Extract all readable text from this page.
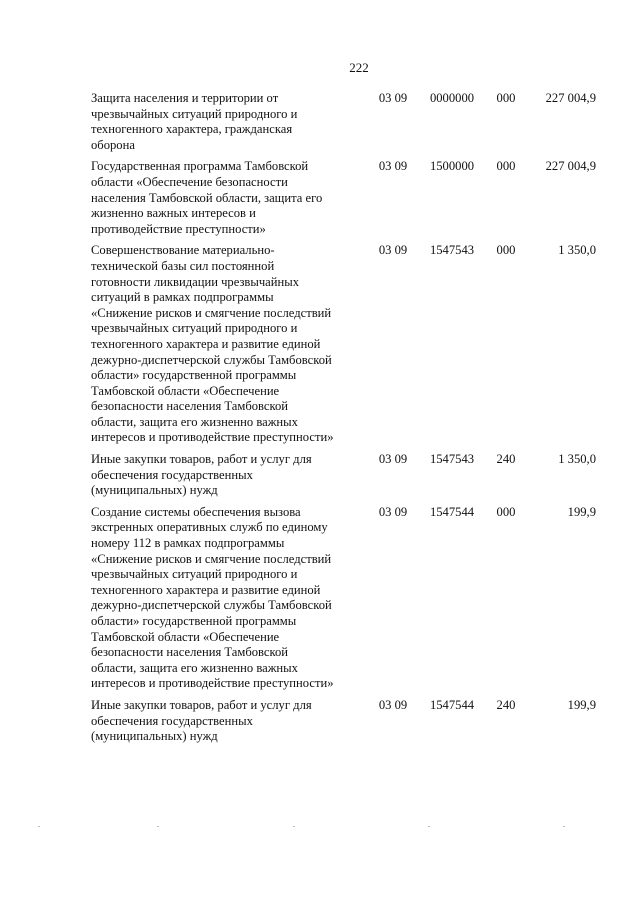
222
Защита населения и территории от
чрезвычайных ситуаций природного и
техногенного характера, гражданская
оборона
03 09	0000000	000	227 004,9
Государственная программа Тамбовской
области «Обеспечение безопасности
населения Тамбовской области, защита его
жизненно важных интересов и
противодействие преступности»
03 09	1500000	000	227 004,9
Совершенствование материально-
технической базы сил постоянной
готовности ликвидации чрезвычайных
ситуаций в рамках подпрограммы
«Снижение рисков и смягчение последствий
чрезвычайных ситуаций природного и
техногенного характера и развитие единой
дежурно-диспетчерской службы Тамбовской
области» государственной программы
Тамбовской области «Обеспечение
безопасности населения Тамбовской
области, защита его жизненно важных
интересов и противодействие преступности»
03 09	1547543	000	1 350,0
Иные закупки товаров, работ и услуг для
обеспечения государственных
(муниципальных) нужд
03 09	1547543	240	1 350,0
Создание системы обеспечения вызова
экстренных оперативных служб по единому
номеру 112 в рамках подпрограммы
«Снижение рисков и смягчение последствий
чрезвычайных ситуаций природного и
техногенного характера и развитие единой
дежурно-диспетчерской службы Тамбовской
области» государственной программы
Тамбовской области «Обеспечение
безопасности населения Тамбовской
области, защита его жизненно важных
интересов и противодействие преступности»
03 09	1547544	000	199,9
Иные закупки товаров, работ и услуг для
обеспечения государственных
(муниципальных) нужд
03 09	1547544	240	199,9
